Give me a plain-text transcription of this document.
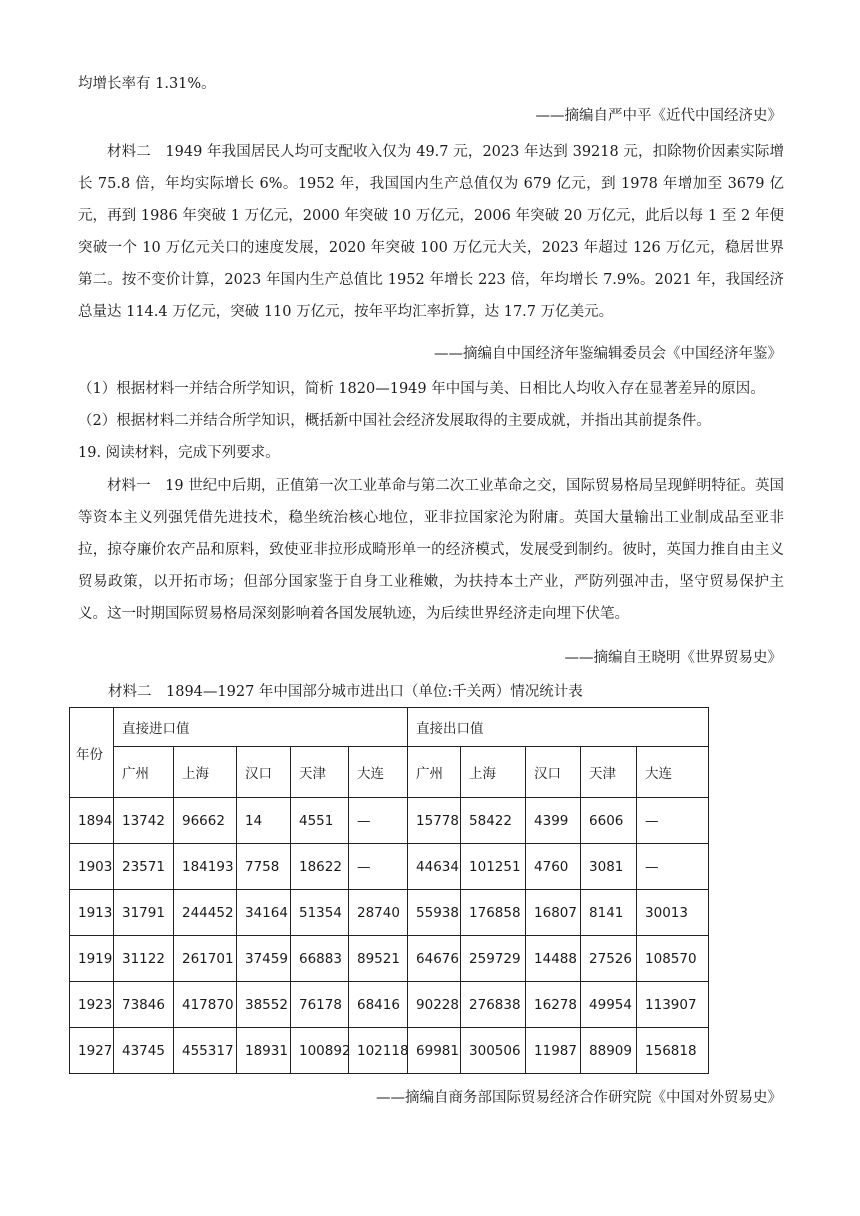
均增长率有 1.31%。

——摘编自严中平《近代中国经济史》

材料二　1949 年我国居民人均可支配收入仅为 49.7 元，2023 年达到 39218 元，扣除物价因素实际增长 75.8 倍，年均实际增长 6%。1952 年，我国国内生产总值仅为 679 亿元，到 1978 年增加至 3679 亿元，再到 1986 年突破 1 万亿元，2000 年突破 10 万亿元，2006 年突破 20 万亿元，此后以每 1 至 2 年便突破一个 10 万亿元关口的速度发展，2020 年突破 100 万亿元大关，2023 年超过 126 万亿元，稳居世界第二。按不变价计算，2023 年国内生产总值比 1952 年增长 223 倍，年均增长 7.9%。2021 年，我国经济总量达 114.4 万亿元，突破 110 万亿元，按年平均汇率折算，达 17.7 万亿美元。

——摘编自中国经济年鉴编辑委员会《中国经济年鉴》

（1）根据材料一并结合所学知识，简析 1820—1949 年中国与美、日相比人均收入存在显著差异的原因。

（2）根据材料二并结合所学知识，概括新中国社会经济发展取得的主要成就，并指出其前提条件。

19. 阅读材料，完成下列要求。

材料一　19 世纪中后期，正值第一次工业革命与第二次工业革命之交，国际贸易格局呈现鲜明特征。英国等资本主义列强凭借先进技术，稳坐统治核心地位，亚非拉国家沦为附庸。英国大量输出工业制成品至亚非拉，掠夺廉价农产品和原料，致使亚非拉形成畸形单一的经济模式，发展受到制约。彼时，英国力推自由主义贸易政策，以开拓市场；但部分国家鉴于自身工业稚嫩，为扶持本土产业，严防列强冲击，坚守贸易保护主义。这一时期国际贸易格局深刻影响着各国发展轨迹，为后续世界经济走向埋下伏笔。

——摘编自王晓明《世界贸易史》

材料二　1894—1927 年中国部分城市进出口（单位:千关两）情况统计表

年份	直接进口值					直接出口值				
	广州	上海	汉口	天津	大连	广州	上海	汉口	天津	大连
1894	13742	96662	14	4551	—	15778	58422	4399	6606	—
1903	23571	184193	7758	18622	—	44634	101251	4760	3081	—
1913	31791	244452	34164	51354	28740	55938	176858	16807	8141	30013
1919	31122	261701	37459	66883	89521	64676	259729	14488	27526	108570
1923	73846	417870	38552	76178	68416	90228	276838	16278	49954	113907
1927	43745	455317	18931	100892	102118	69981	300506	11987	88909	156818

——摘编自商务部国际贸易经济合作研究院《中国对外贸易史》
